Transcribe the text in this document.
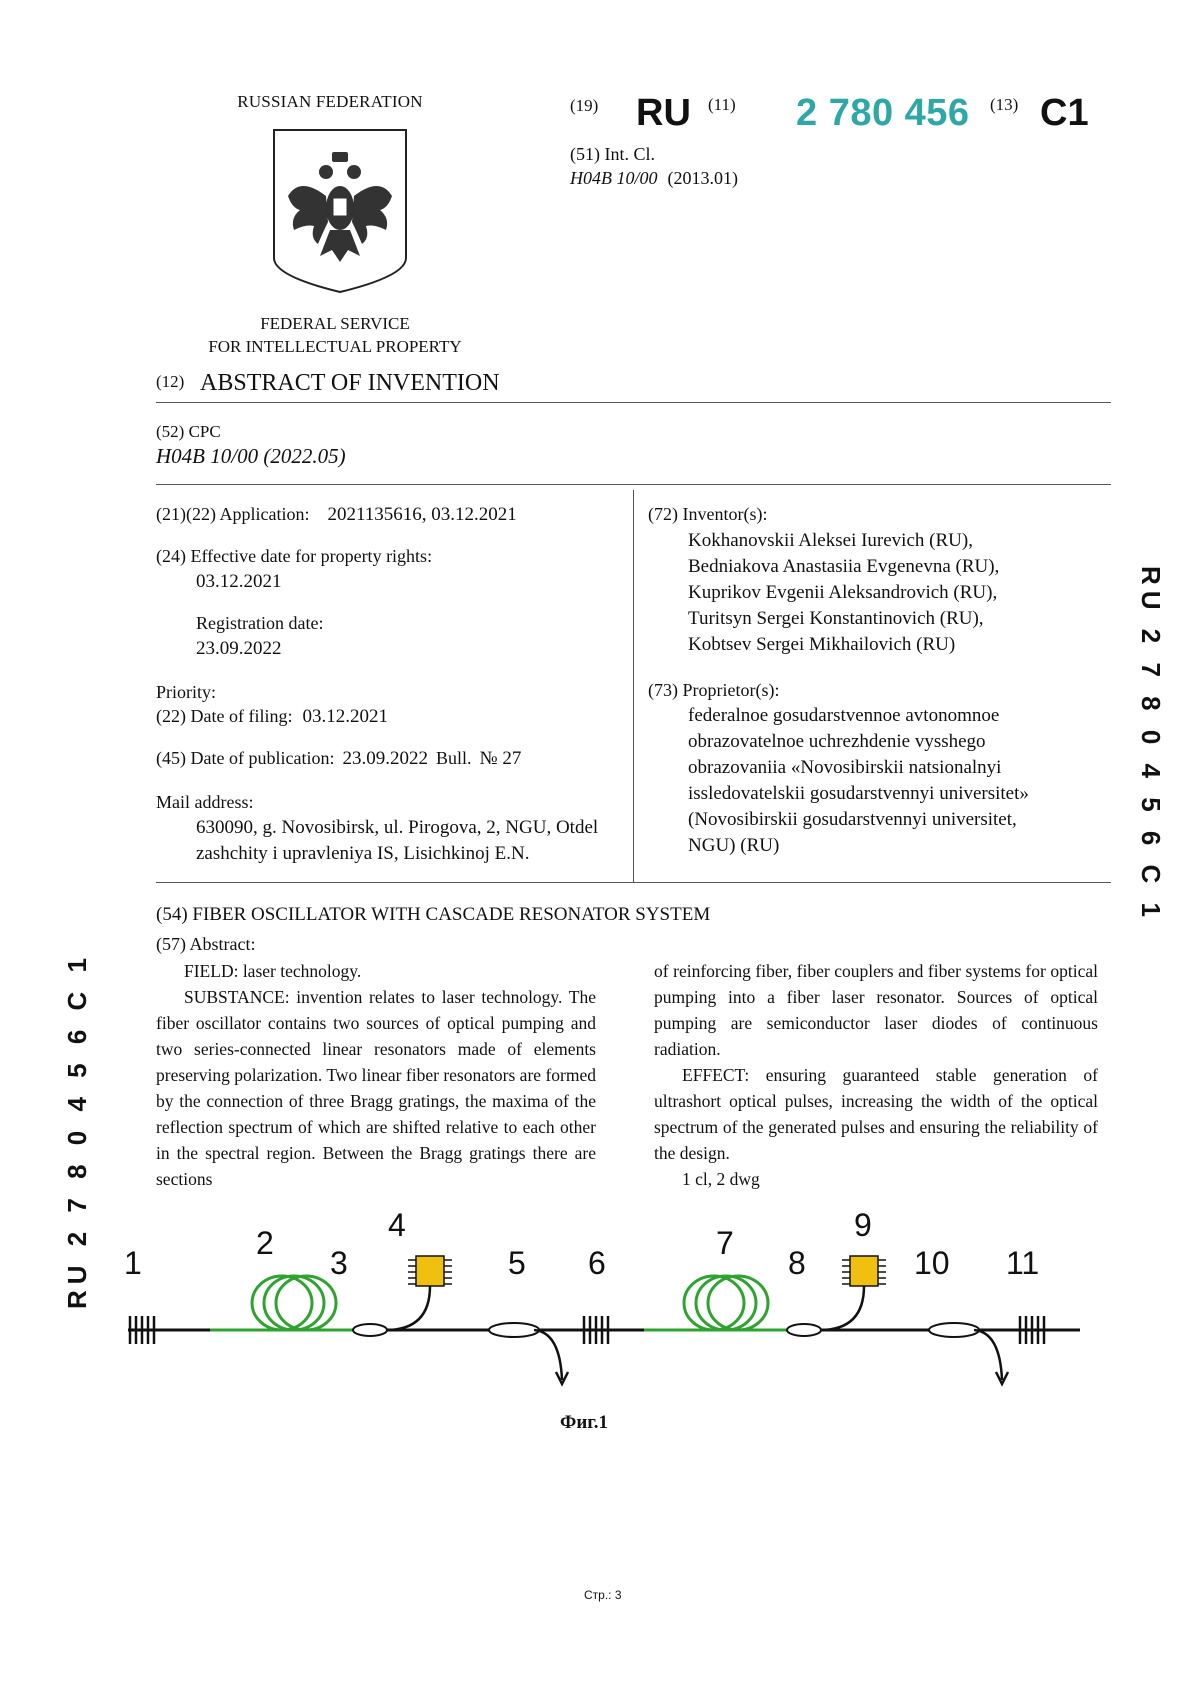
RUSSIAN FEDERATION
FEDERAL SERVICE
FOR INTELLECTUAL PROPERTY
(19) RU (11) 2 780 456 (13) C1
(51) Int. Cl.
H04B 10/00 (2013.01)
(12) ABSTRACT OF INVENTION
(52) CPC
H04B 10/00 (2022.05)
(21)(22) Application: 2021135616, 03.12.2021
(24) Effective date for property rights:
03.12.2021
Registration date:
23.09.2022
Priority:
(22) Date of filing: 03.12.2021
(45) Date of publication: 23.09.2022 Bull. № 27
Mail address:
630090, g. Novosibirsk, ul. Pirogova, 2, NGU, Otdel
zashchity i upravleniya IS, Lisichkinoj E.N.
(72) Inventor(s):
Kokhanovskii Aleksei Iurevich (RU),
Bedniakova Anastasiia Evgenevna (RU),
Kuprikov Evgenii Aleksandrovich (RU),
Turitsyn Sergei Konstantinovich (RU),
Kobtsev Sergei Mikhailovich (RU)
(73) Proprietor(s):
federalnoe gosudarstvennoe avtonomnoe
obrazovatelnoe uchrezhdenie vysshego
obrazovaniia «Novosibirskii natsionalnyi
issledovatelskii gosudarstvennyi universitet»
(Novosibirskii gosudarstvennyi universitet,
NGU) (RU)
(54) FIBER OSCILLATOR WITH CASCADE RESONATOR SYSTEM
(57) Abstract:

FIELD: laser technology.

SUBSTANCE: invention relates to laser technology. The fiber oscillator contains two sources of optical pumping and two series-connected linear resonators made of elements preserving polarization. Two linear fiber resonators are formed by the connection of three Bragg gratings, the maxima of the reflection spectrum of which are shifted relative to each other in the spectral region. Between the Bragg gratings there are sections

of reinforcing fiber, fiber couplers and fiber systems for optical pumping into a fiber laser resonator. Sources of optical pumping are semiconductor laser diodes of continuous radiation.

EFFECT: ensuring guaranteed stable generation of ultrashort optical pulses, increasing the width of the optical spectrum of the generated pulses and ensuring the reliability of the design.

1 cl, 2 dwg

RU 2 7 8 0 4 5 6 C 1
RU 2 7 8 0 4 5 6 C 1	1
2
3
4
5 6
7
8
9
10 11
Фиг.1
Стр.: 3
